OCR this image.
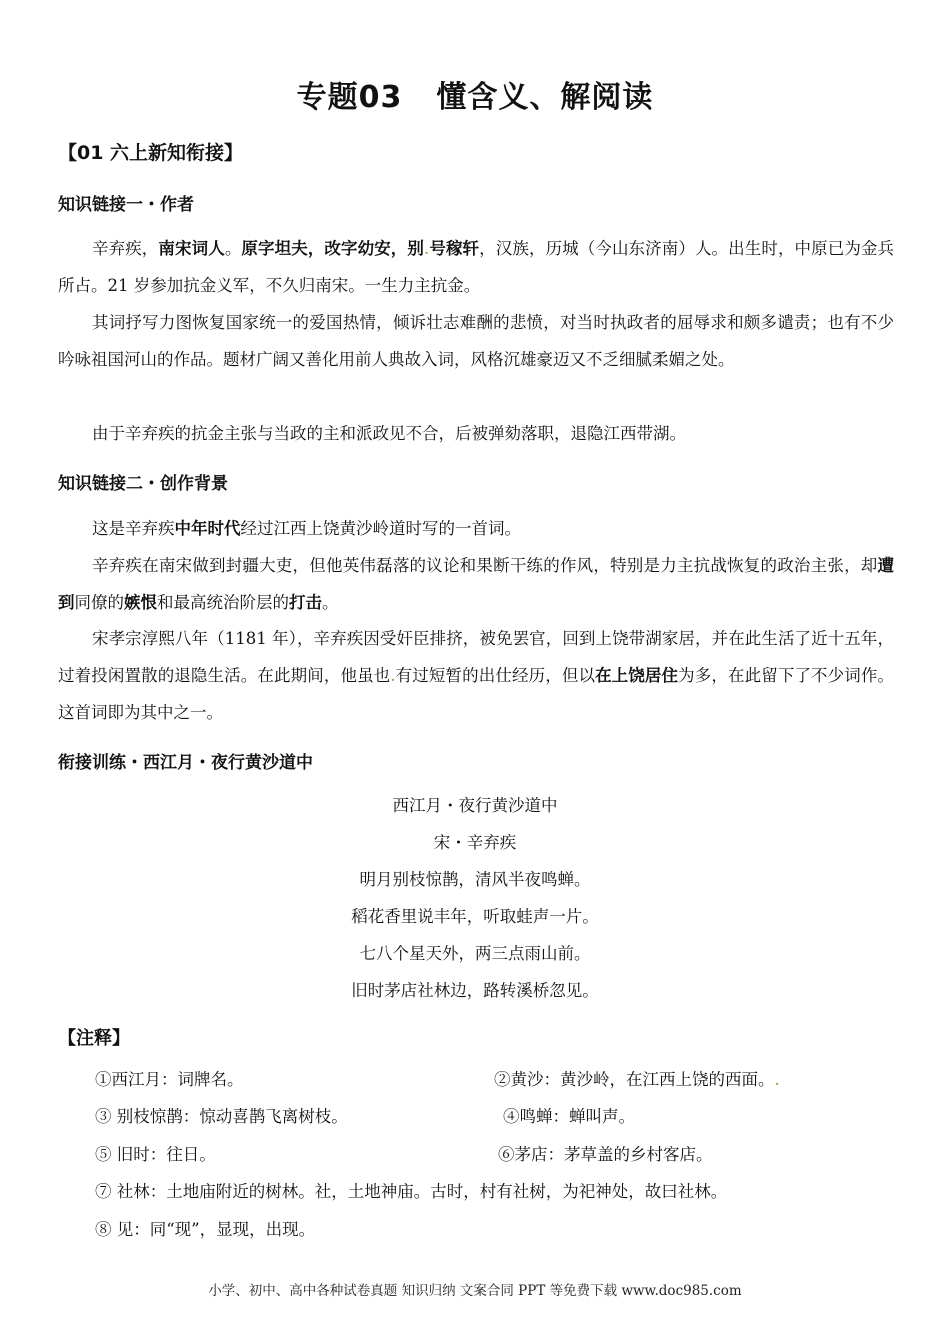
专题03 懂含义、解阅读
【01 六上新知衔接】
知识链接一・作者
辛弃疾，南宋词人。原字坦夫，改字幼安，别.号稼轩，汉族，历城（今山东济南）人。出生时，中原已为金兵所占。21 岁参加抗金义军，不久归南宋。一生力主抗金。
其词抒写力图恢复国家统一的爱国热情，倾诉壮志难酬的悲愤，对当时执政者的屈辱求和颇多谴责；也有不少吟咏祖国河山的作品。题材广阔又善化用前人典故入词，风格沉雄豪迈又不乏细腻柔媚之处。
由于辛弃疾的抗金主张与当政的主和派政见不合，后被弹劾落职，退隐江西带湖。
知识链接二・创作背景
这是辛弃疾中年时代经过江西上饶黄沙岭道时写的一首词。
辛弃疾在南宋做到封疆大吏，但他英伟磊落的议论和果断干练的作风，特别是力主抗战恢复的政治主张，却遭到同僚的嫉恨和最高统治阶层的打击。
宋孝宗淳熙八年（1181 年），辛弃疾因受奸臣排挤，被免罢官，回到上饶带湖家居，并在此生活了近十五年，过着投闲置散的退隐生活。在此期间，他虽也.有过短暂的出仕经历，但以在上饶居住为多，在此留下了不少词作。这首词即为其中之一。
衔接训练・西江月・夜行黄沙道中
西江月・夜行黄沙道中
宋・辛弃疾
明月别枝惊鹊，清风半夜鸣蝉。
稻花香里说丰年，听取蛙声一片。
七八个星天外，两三点雨山前。
旧时茅店社林边，路转溪桥忽见。
【注释】
①西江月：词牌名。	②黄沙：黄沙岭，在江西上饶的西面。.
③ 别枝惊鹊：惊动喜鹊飞离树枝。	④鸣蝉：蝉叫声。
⑤ 旧时：往日。	⑥茅店：茅草盖的乡村客店。
⑦ 社林：土地庙附近的树林。社，土地神庙。古时，村有社树，为祀神处，故曰社林。
⑧ 见：同“现”，显现，出现。
小学、初中、高中各种试卷真题 知识归纳 文案合同 PPT 等免费下载 www.doc985.com
